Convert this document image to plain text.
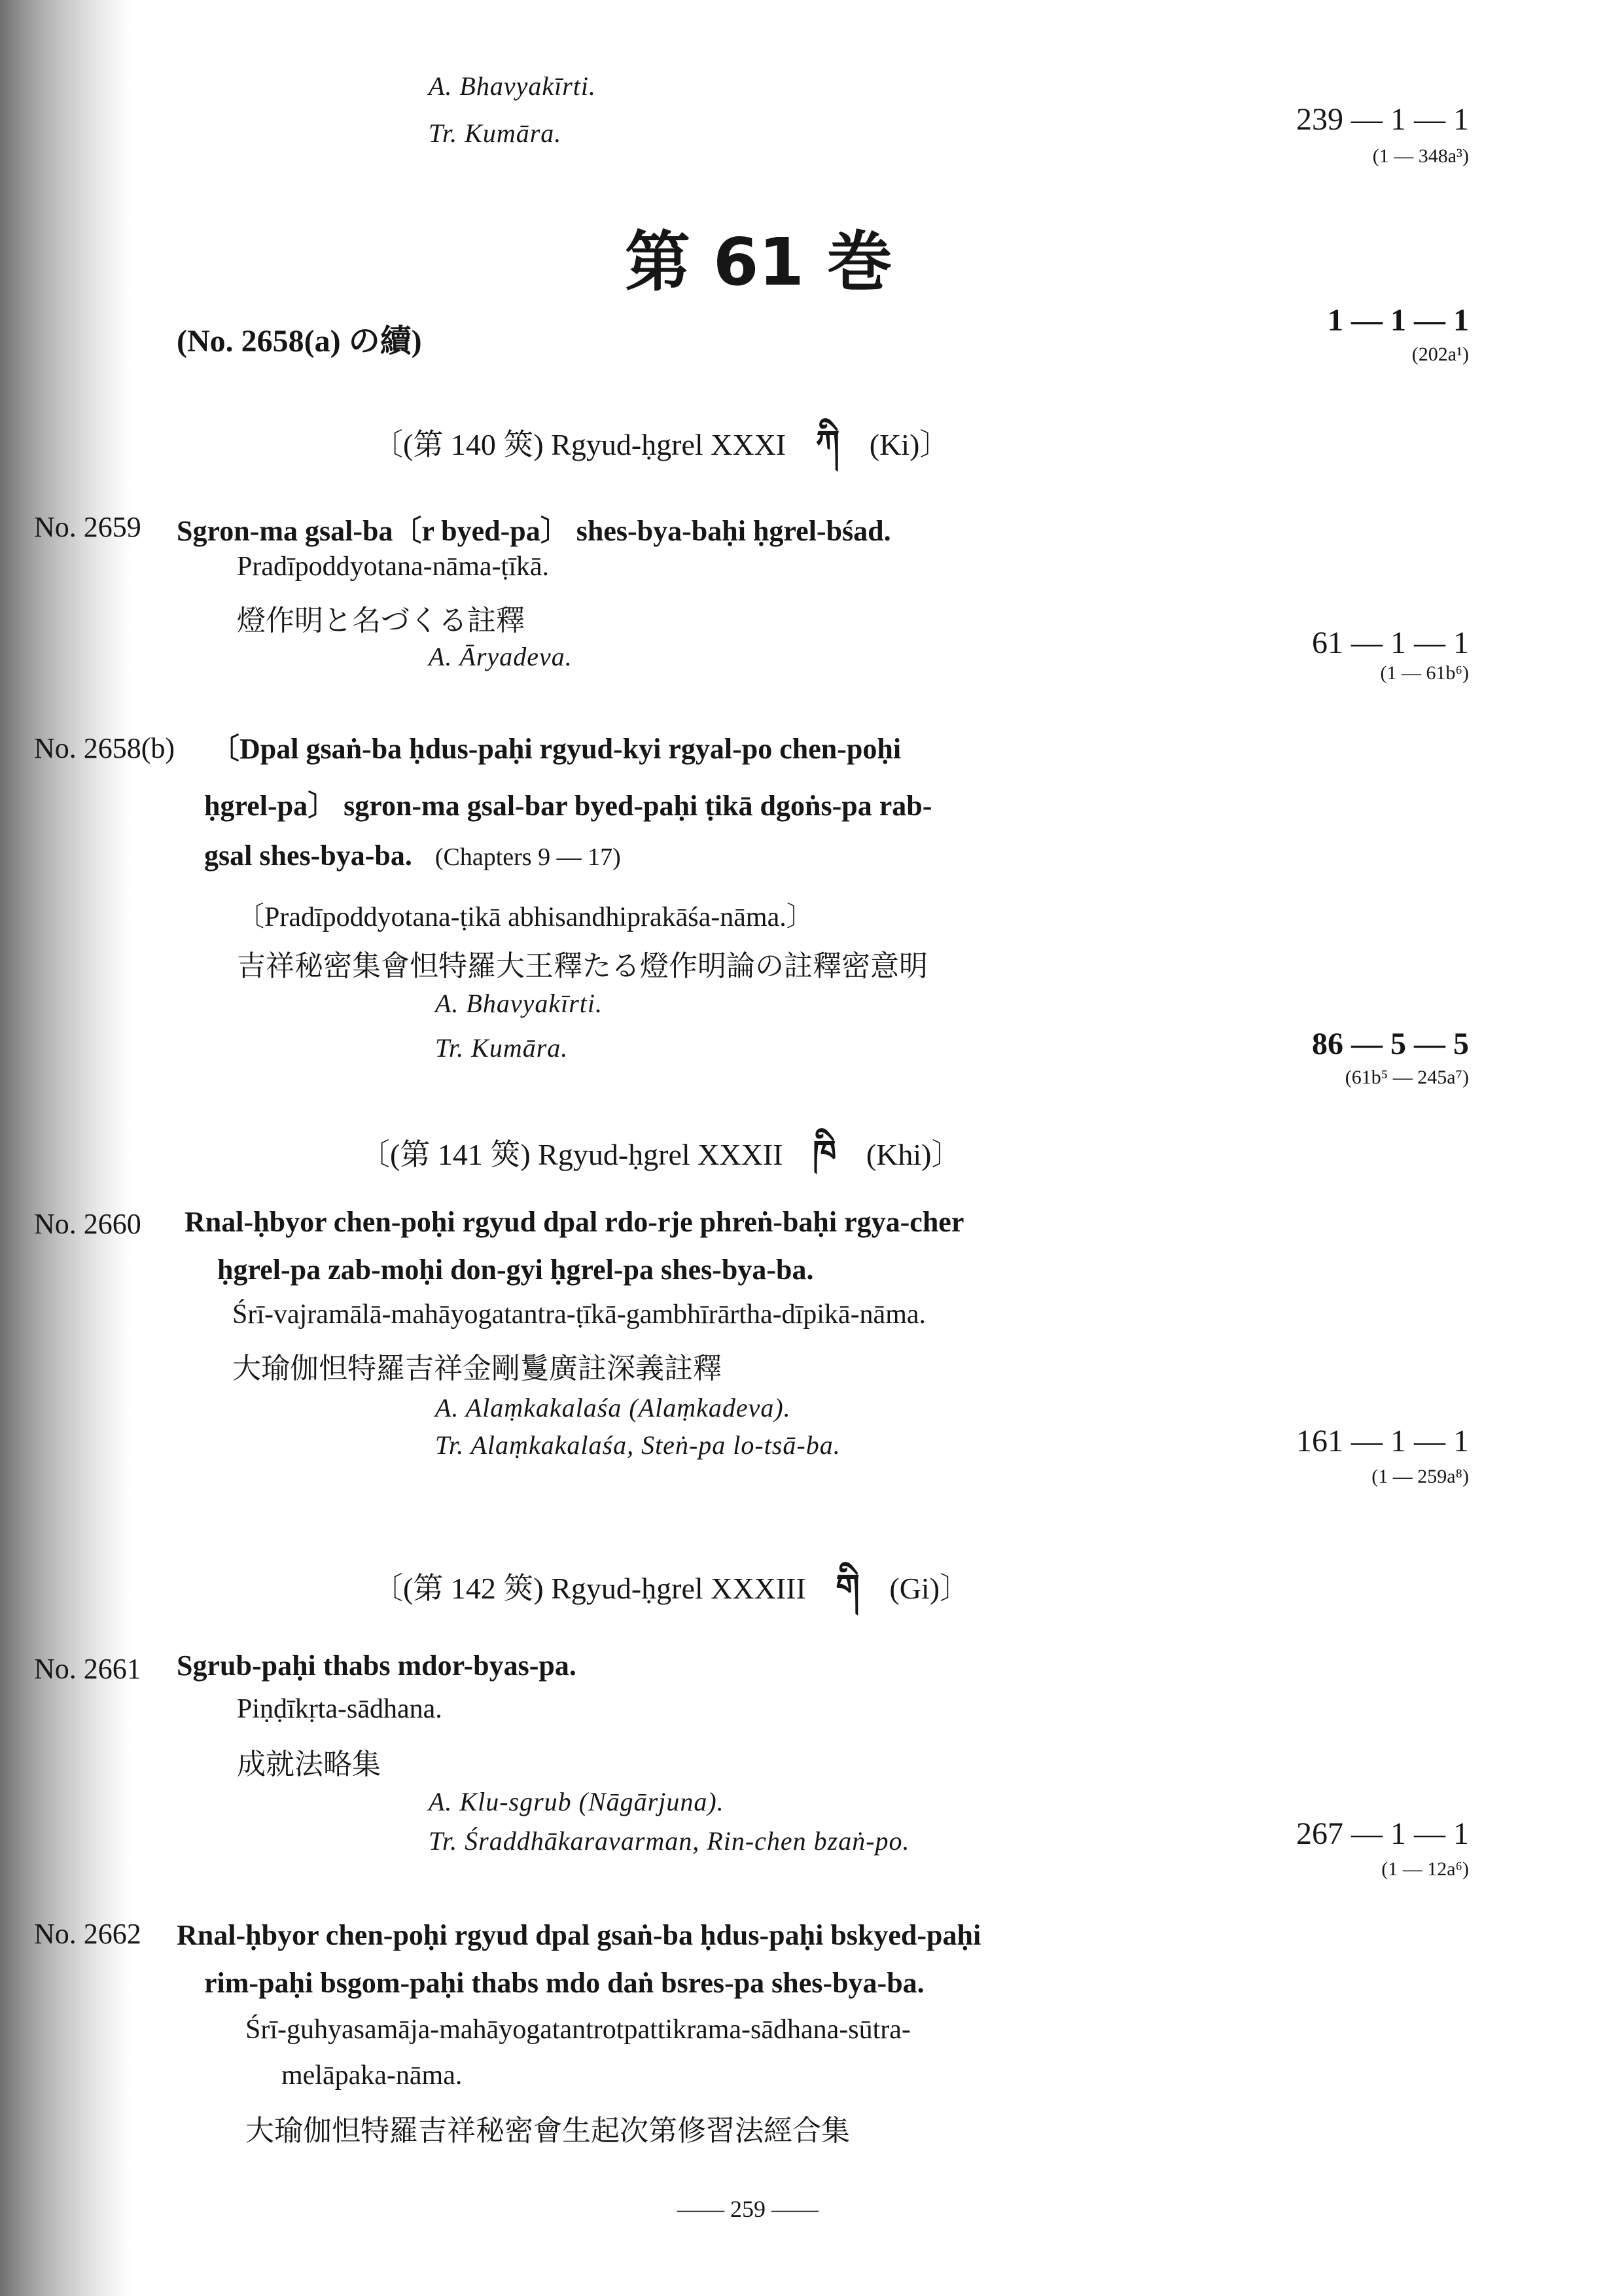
A. Bhavyakīrti.
Tr. Kumāra.	239 — 1 — 1
(1 — 348a³)
第 61 巻
(No. 2658(a) の續)
1 — 1 — 1
(202a¹)
〔(第 140 筴) Rgyud-ḥgrel XXXI ཀི (Ki)〕
No. 2659 Sgron-ma gsal-ba〔r byed-pa〕 shes-bya-baḥi ḥgrel-bśad.
Pradīpoddyotana-nāma-ṭīkā.
燈作明と名づくる註釋
A. Āryadeva.	61 — 1 — 1
(1 — 61b⁶)
No. 2658(b) 〔Dpal gsaṅ-ba ḥdus-paḥi rgyud-kyi rgyal-po chen-poḥi
ḥgrel-pa〕 sgron-ma gsal-bar byed-paḥi ṭikā dgoṅs-pa rab-
gsal shes-bya-ba. (Chapters 9 — 17)
〔Pradīpoddyotana-ṭikā abhisandhiprakāśa-nāma.〕
吉祥秘密集會怛特羅大王釋たる燈作明論の註釋密意明
A. Bhavyakīrti.
Tr. Kumāra.	86 — 5 — 5
(61b⁵ — 245a⁷)
〔(第 141 筴) Rgyud-ḥgrel XXXII ཁི (Khi)〕
No. 2660 Rnal-ḥbyor chen-poḥi rgyud dpal rdo-rje phreṅ-baḥi rgya-cher
ḥgrel-pa zab-moḥi don-gyi ḥgrel-pa shes-bya-ba.
Śrī-vajramālā-mahāyogatantra-ṭīkā-gambhīrārtha-dīpikā-nāma.
大瑜伽怛特羅吉祥金剛鬘廣註深義註釋
A. Alaṃkakalaśa (Alaṃkadeva).
Tr. Alaṃkakalaśa, Steṅ-pa lo-tsā-ba.	161 — 1 — 1
(1 — 259a⁸)
〔(第 142 筴) Rgyud-ḥgrel XXXIII གི (Gi)〕
No. 2661 Sgrub-paḥi thabs mdor-byas-pa.
Piṇḍīkṛta-sādhana.
成就法略集
A. Klu-sgrub (Nāgārjuna).
Tr. Śraddhākaravarman, Rin-chen bzaṅ-po.	267 — 1 — 1
(1 — 12a⁶)
No. 2662 Rnal-ḥbyor chen-poḥi rgyud dpal gsaṅ-ba ḥdus-paḥi bskyed-paḥi
rim-paḥi bsgom-paḥi thabs mdo daṅ bsres-pa shes-bya-ba.
Śrī-guhyasamāja-mahāyogatantrotpattikrama-sādhana-sūtra-
melāpaka-nāma.
大瑜伽怛特羅吉祥秘密會生起次第修習法經合集
—— 259 ——
